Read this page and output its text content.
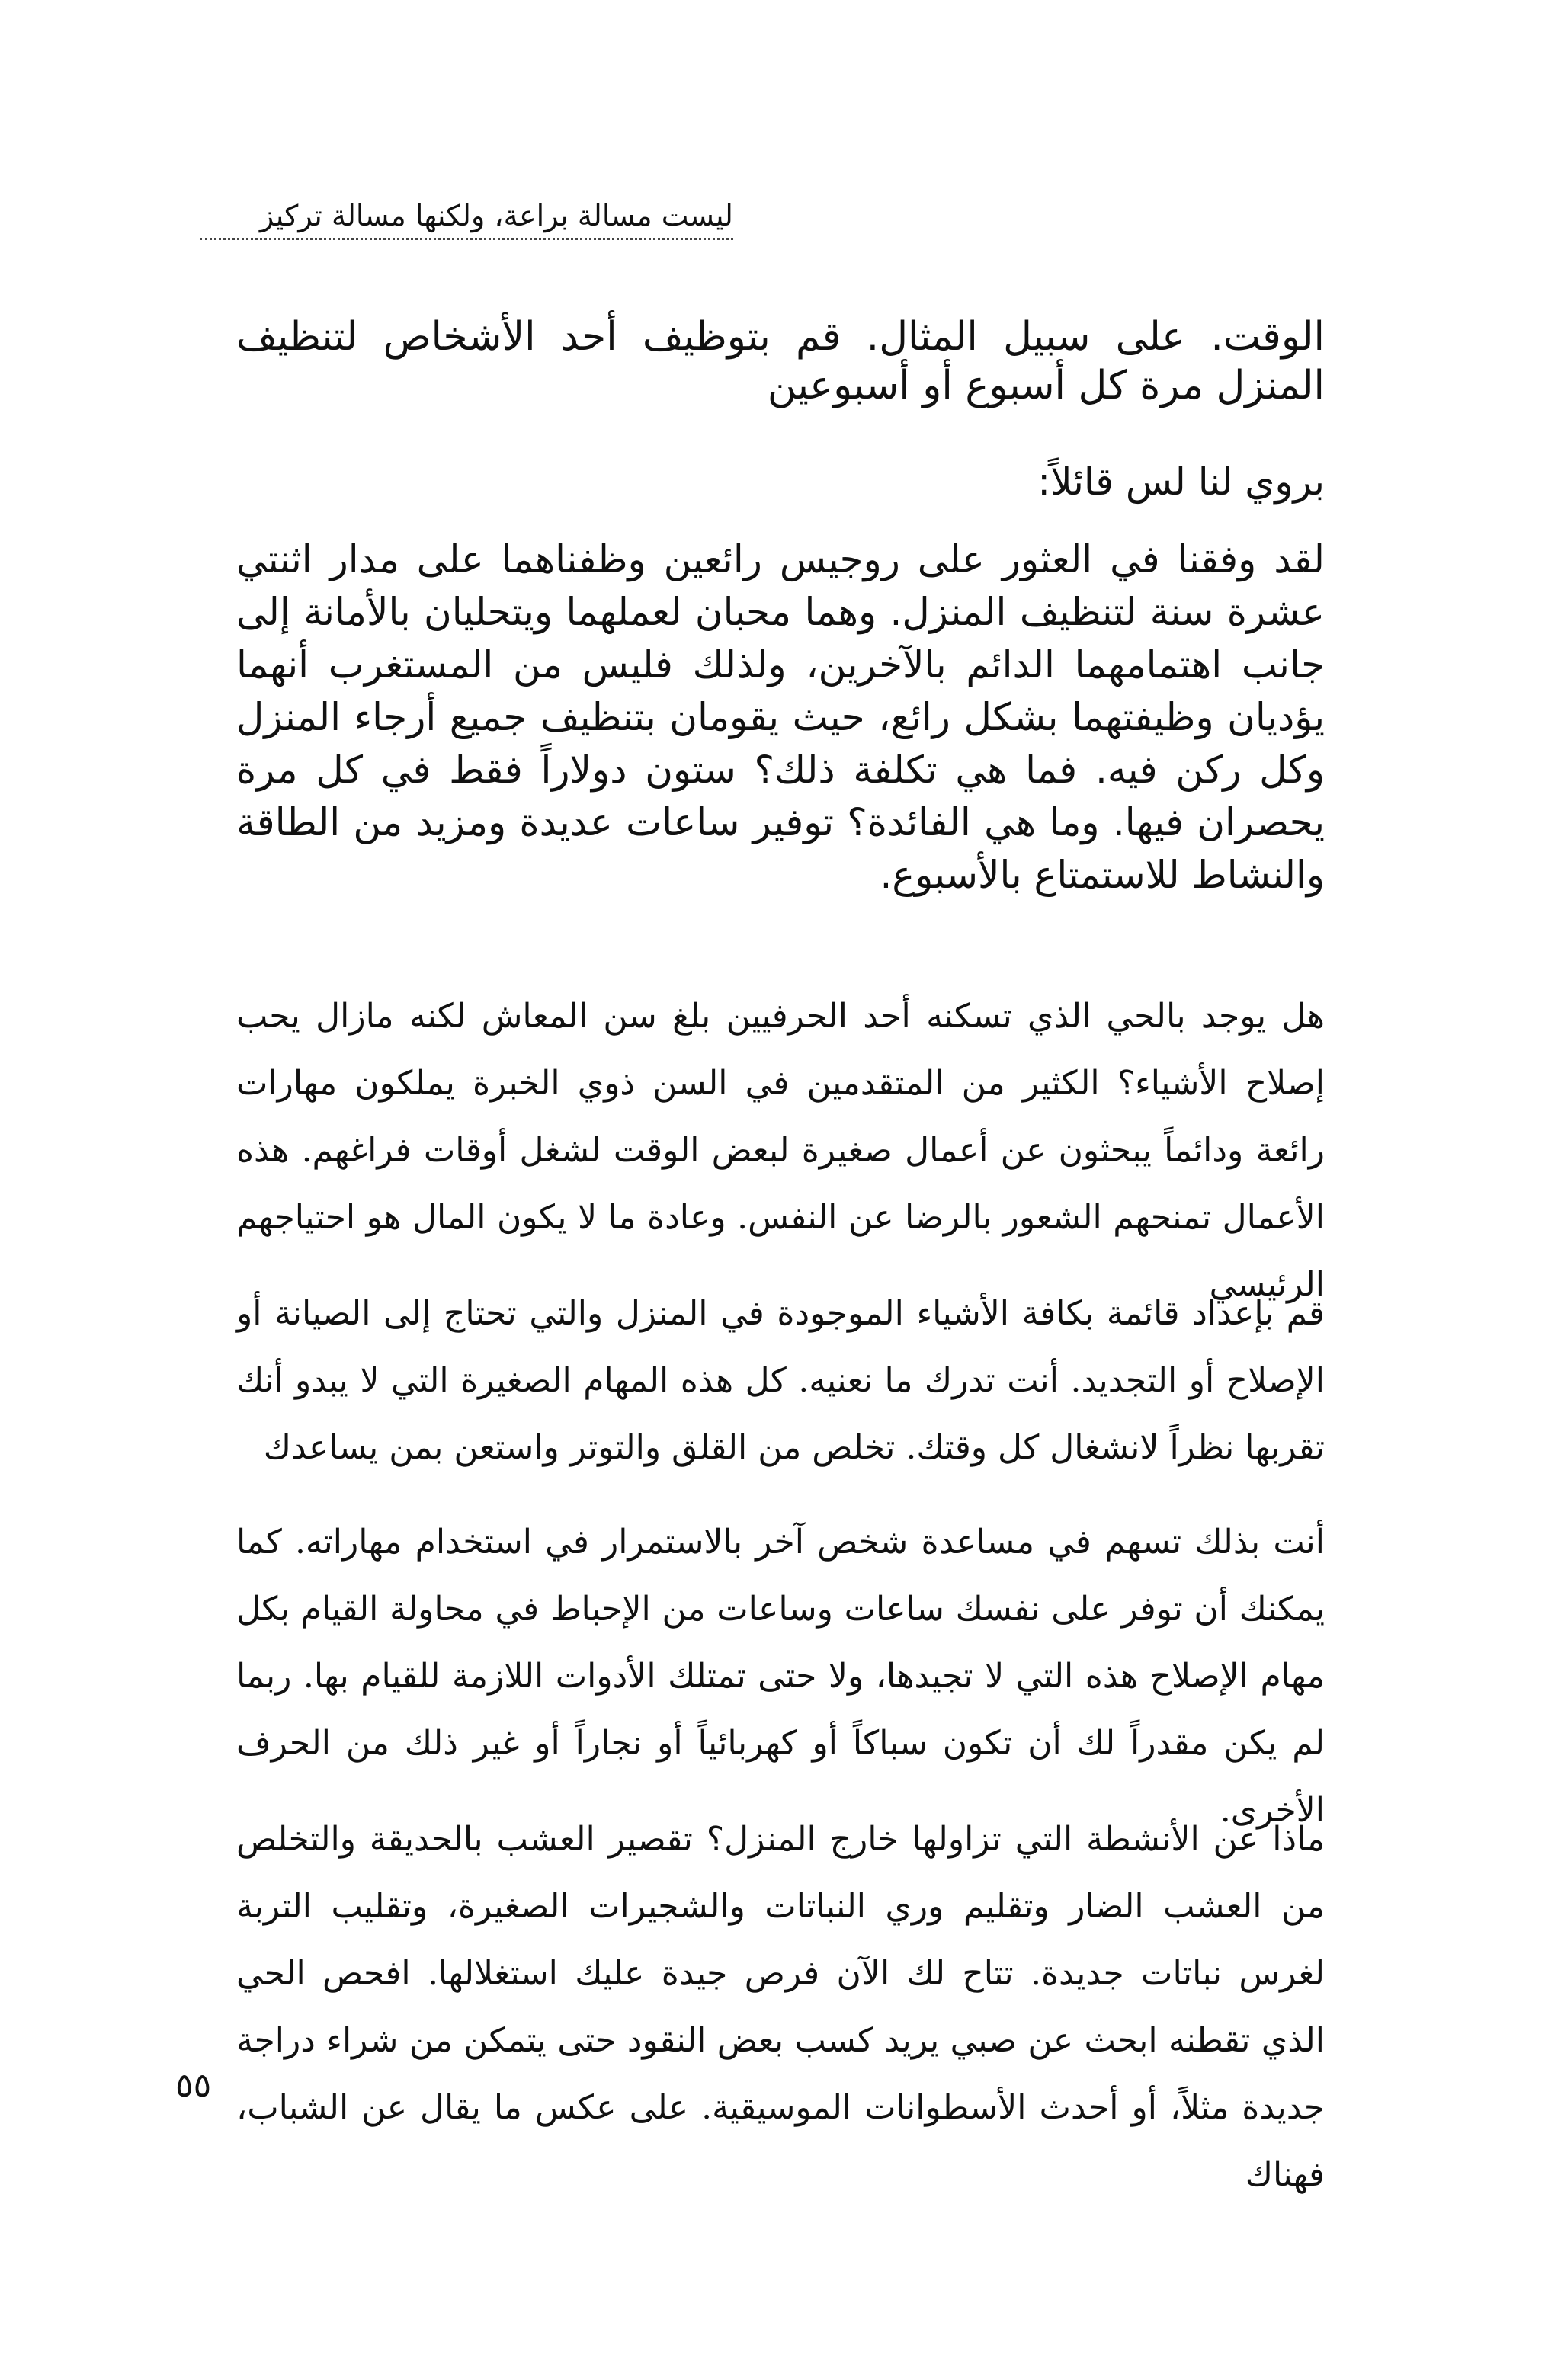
ليست مسالة براعة، ولكنها مسالة تركيز

الوقت. على سبيل المثال. قم بتوظيف أحد الأشخاص لتنظيف المنزل مرة كل أسبوع أو أسبوعين

بروي لنا لس قائلاً:

لقد وفقنا في العثور على روجيس رائعين وظفناهما على مدار اثنتي عشرة سنة لتنظيف المنزل. وهما محبان لعملهما ويتحليان بالأمانة إلى جانب اهتمامهما الدائم بالآخرين، ولذلك فليس من المستغرب أنهما يؤديان وظيفتهما بشكل رائع، حيث يقومان بتنظيف جميع أرجاء المنزل وكل ركن فيه. فما هي تكلفة ذلك؟ ستون دولاراً فقط في كل مرة يحصران فيها. وما هي الفائدة؟ توفير ساعات عديدة ومزيد من الطاقة والنشاط للاستمتاع بالأسبوع.

هل يوجد بالحي الذي تسكنه أحد الحرفيين بلغ سن المعاش لكنه مازال يحب إصلاح الأشياء؟ الكثير من المتقدمين في السن ذوي الخبرة يملكون مهارات رائعة ودائماً يبحثون عن أعمال صغيرة لبعض الوقت لشغل أوقات فراغهم. هذه الأعمال تمنحهم الشعور بالرضا عن النفس. وعادة ما لا يكون المال هو احتياجهم الرئيسي

قم بإعداد قائمة بكافة الأشياء الموجودة في المنزل والتي تحتاج إلى الصيانة أو الإصلاح أو التجديد. أنت تدرك ما نعنيه. كل هذه المهام الصغيرة التي لا يبدو أنك تقربها نظراً لانشغال كل وقتك. تخلص من القلق والتوتر واستعن بمن يساعدك

أنت بذلك تسهم في مساعدة شخص آخر بالاستمرار في استخدام مهاراته. كما يمكنك أن توفر على نفسك ساعات وساعات من الإحباط في محاولة القيام بكل مهام الإصلاح هذه التي لا تجيدها، ولا حتى تمتلك الأدوات اللازمة للقيام بها. ربما لم يكن مقدراً لك أن تكون سباكاً أو كهربائياً أو نجاراً أو غير ذلك من الحرف الأخرى.

ماذا عن الأنشطة التي تزاولها خارج المنزل؟ تقصير العشب بالحديقة والتخلص من العشب الضار وتقليم وري النباتات والشجيرات الصغيرة، وتقليب التربة لغرس نباتات جديدة. تتاح لك الآن فرص جيدة عليك استغلالها. افحص الحي الذي تقطنه ابحث عن صبي يريد كسب بعض النقود حتى يتمكن من شراء دراجة جديدة مثلاً، أو أحدث الأسطوانات الموسيقية. على عكس ما يقال عن الشباب، فهناك

٥٥
